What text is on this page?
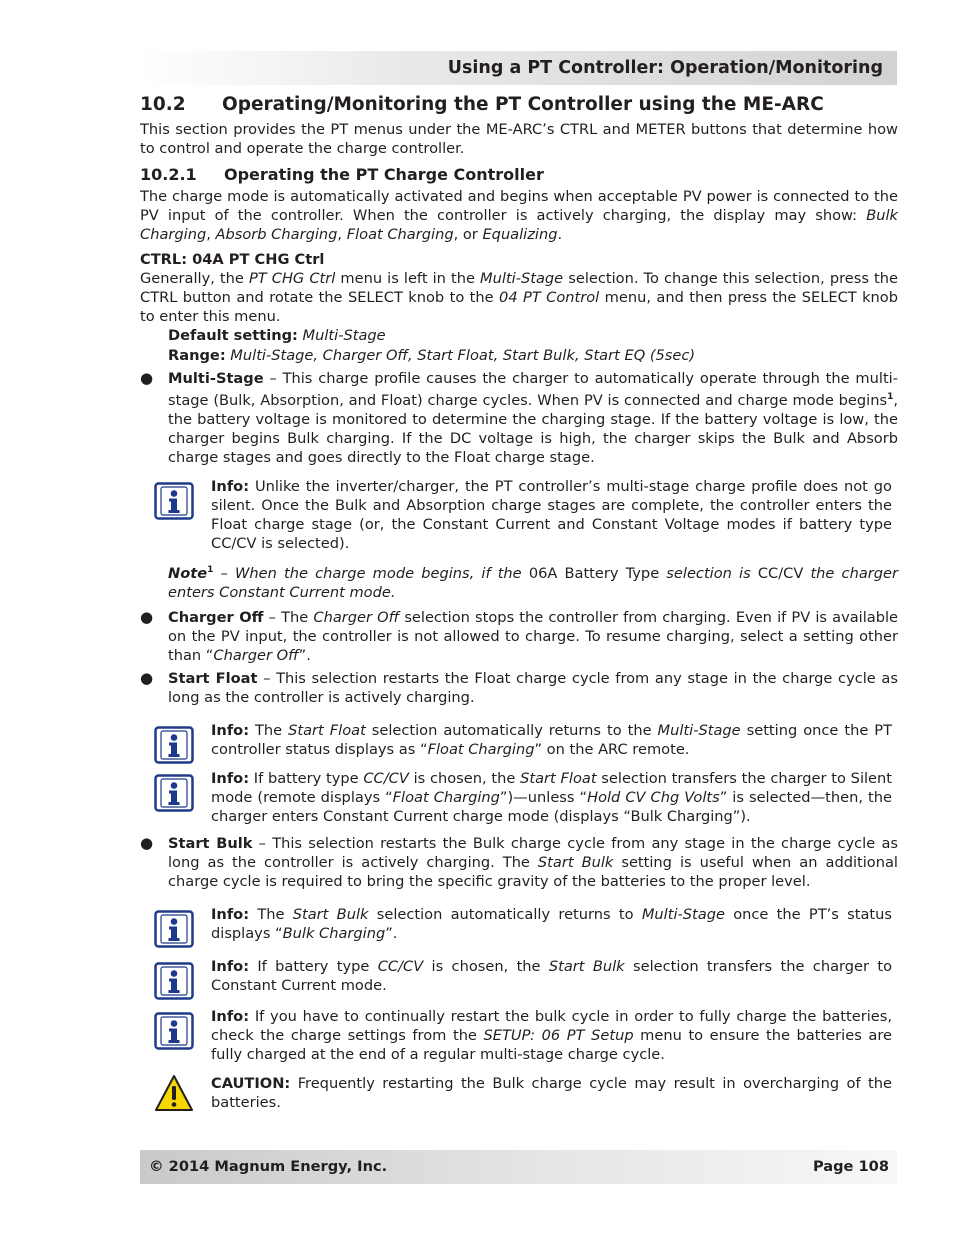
Using a PT Controller: Operation/Monitoring
10.2 Operating/Monitoring the PT Controller using the ME-ARC

This section provides the PT menus under the ME-ARC’s CTRL and METER buttons that determine how to control and operate the charge controller.

10.2.1 Operating the PT Charge Controller

The charge mode is automatically activated and begins when acceptable PV power is connected to the PV input of the controller. When the controller is actively charging, the display may show: Bulk Charging, Absorb Charging, Float Charging, or Equalizing.

CTRL: 04A PT CHG Ctrl

Generally, the PT CHG Ctrl menu is left in the Multi-Stage selection. To change this selection, press the CTRL button and rotate the SELECT knob to the 04 PT Control menu, and then press the SELECT knob to enter this menu.

Default setting: Multi-Stage
Range: Multi-Stage, Charger Off, Start Float, Start Bulk, Start EQ (5sec)
● Multi-Stage – This charge profile causes the charger to automatically operate through the multi-stage (Bulk, Absorption, and Float) charge cycles. When PV is connected and charge mode begins$^1$, the battery voltage is monitored to determine the charging stage. If the battery voltage is low, the charger begins Bulk charging. If the DC voltage is high, the charger skips the Bulk and Absorb charge stages and goes directly to the Float charge stage.

Info: Unlike the inverter/charger, the PT controller’s multi-stage charge profile does not go silent. Once the Bulk and Absorption charge stages are complete, the controller enters the Float charge stage (or, the Constant Current and Constant Voltage modes if battery type CC/CV is selected).

Note$^1$ – When the charge mode begins, if the 06A Battery Type selection is CC/CV the charger enters Constant Current mode.

● Charger Off – The Charger Off selection stops the controller from charging. Even if PV is available on the PV input, the controller is not allowed to charge. To resume charging, select a setting other than “Charger Off”.

● Start Float – This selection restarts the Float charge cycle from any stage in the charge cycle as long as the controller is actively charging.

Info: The Start Float selection automatically returns to the Multi-Stage setting once the PT controller status displays as “Float Charging” on the ARC remote.

Info: If battery type CC/CV is chosen, the Start Float selection transfers the charger to Silent mode (remote displays “Float Charging”)—unless “Hold CV Chg Volts” is selected—then, the charger enters Constant Current charge mode (displays “Bulk Charging”).

● Start Bulk – This selection restarts the Bulk charge cycle from any stage in the charge cycle as long as the controller is actively charging. The Start Bulk setting is useful when an additional charge cycle is required to bring the specific gravity of the batteries to the proper level.

Info: The Start Bulk selection automatically returns to Multi-Stage once the PT’s status displays “Bulk Charging”.

Info: If battery type CC/CV is chosen, the Start Bulk selection transfers the charger to Constant Current mode.

Info: If you have to continually restart the bulk cycle in order to fully charge the batteries, check the charge settings from the SETUP: 06 PT Setup menu to ensure the batteries are fully charged at the end of a regular multi-stage charge cycle.

CAUTION: Frequently restarting the Bulk charge cycle may result in overcharging of the batteries.

© 2014 Magnum Energy, Inc.	Page 108
